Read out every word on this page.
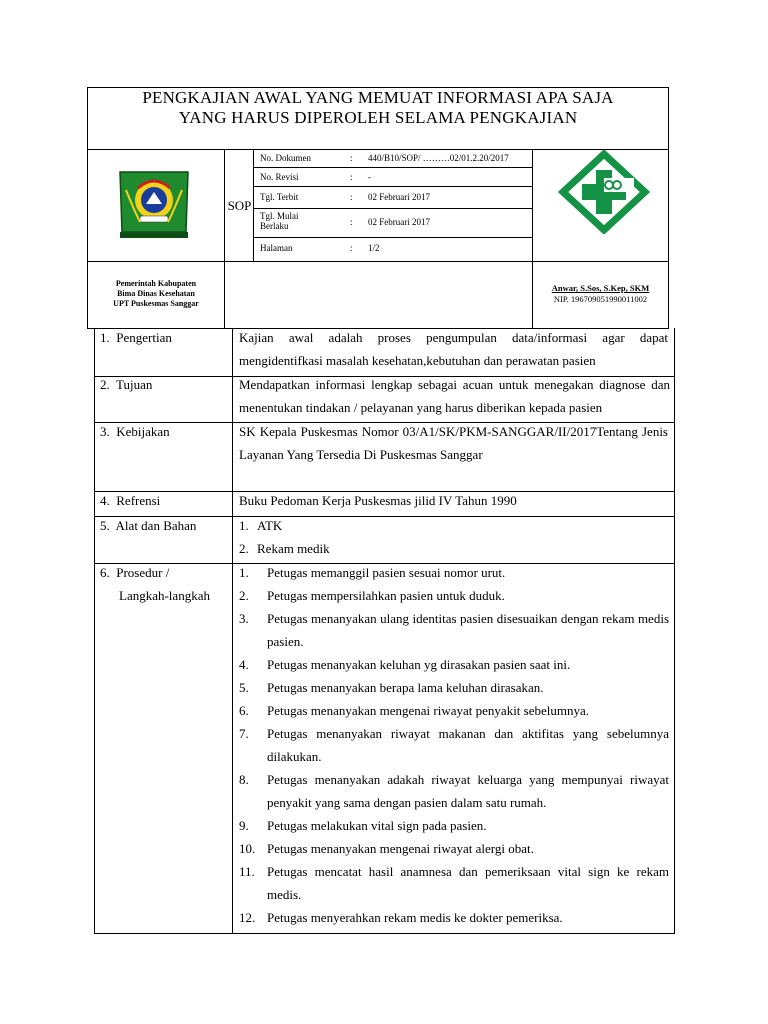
PENGKAJIAN AWAL YANG MEMUAT INFORMASI APA SAJA
YANG HARUS DIPEROLEH SELAMA PENGKAJIAN
SOP
No. Dokumen	: 440/B10/SOP/ ………02/01.2.20/2017
No. Revisi	: -
Tgl. Terbit	: 02 Februari 2017
Tgl. Mulai Berlaku	: 02 Februari 2017
Halaman	: 1/2
Pemerintah Kabupaten
Bima Dinas Kesehatan
UPT Puskesmas Sanggar
Anwar, S.Sos, S.Kep, SKM
NIP. 196709051990011002
1. Pengertian	Kajian awal adalah proses pengumpulan data/informasi agar dapat mengidentifkasi masalah kesehatan,kebutuhan dan perawatan pasien
2. Tujuan	Mendapatkan informasi lengkap sebagai acuan untuk menegakan diagnose dan menentukan tindakan / pelayanan yang harus diberikan kepada pasien
3. Kebijakan	SK Kepala Puskesmas Nomor 03/A1/SK/PKM-SANGGAR/II/2017Tentang Jenis Layanan Yang Tersedia Di Puskesmas Sanggar
4. Refrensi	Buku Pedoman Kerja Puskesmas jilid IV Tahun 1990
5. Alat dan Bahan	1. ATK
2. Rekam medik
6. Prosedur /
Langkah-langkah
1.	Petugas memanggil pasien sesuai nomor urut.
2.	Petugas mempersilahkan pasien untuk duduk.
3.	Petugas menanyakan ulang identitas pasien disesuaikan dengan rekam medis pasien.
4.	Petugas menanyakan keluhan yg dirasakan pasien saat ini.
5.	Petugas menanyakan berapa lama keluhan dirasakan.
6.	Petugas menanyakan mengenai riwayat penyakit sebelumnya.
7.	Petugas menanyakan riwayat makanan dan aktifitas yang sebelumnya dilakukan.
8.	Petugas menanyakan adakah riwayat keluarga yang mempunyai riwayat penyakit yang sama dengan pasien dalam satu rumah.
9.	Petugas melakukan vital sign pada pasien.
10. Petugas menanyakan mengenai riwayat alergi obat.
11. Petugas mencatat hasil anamnesa dan pemeriksaan vital sign ke rekam medis.
12. Petugas menyerahkan rekam medis ke dokter pemeriksa.
